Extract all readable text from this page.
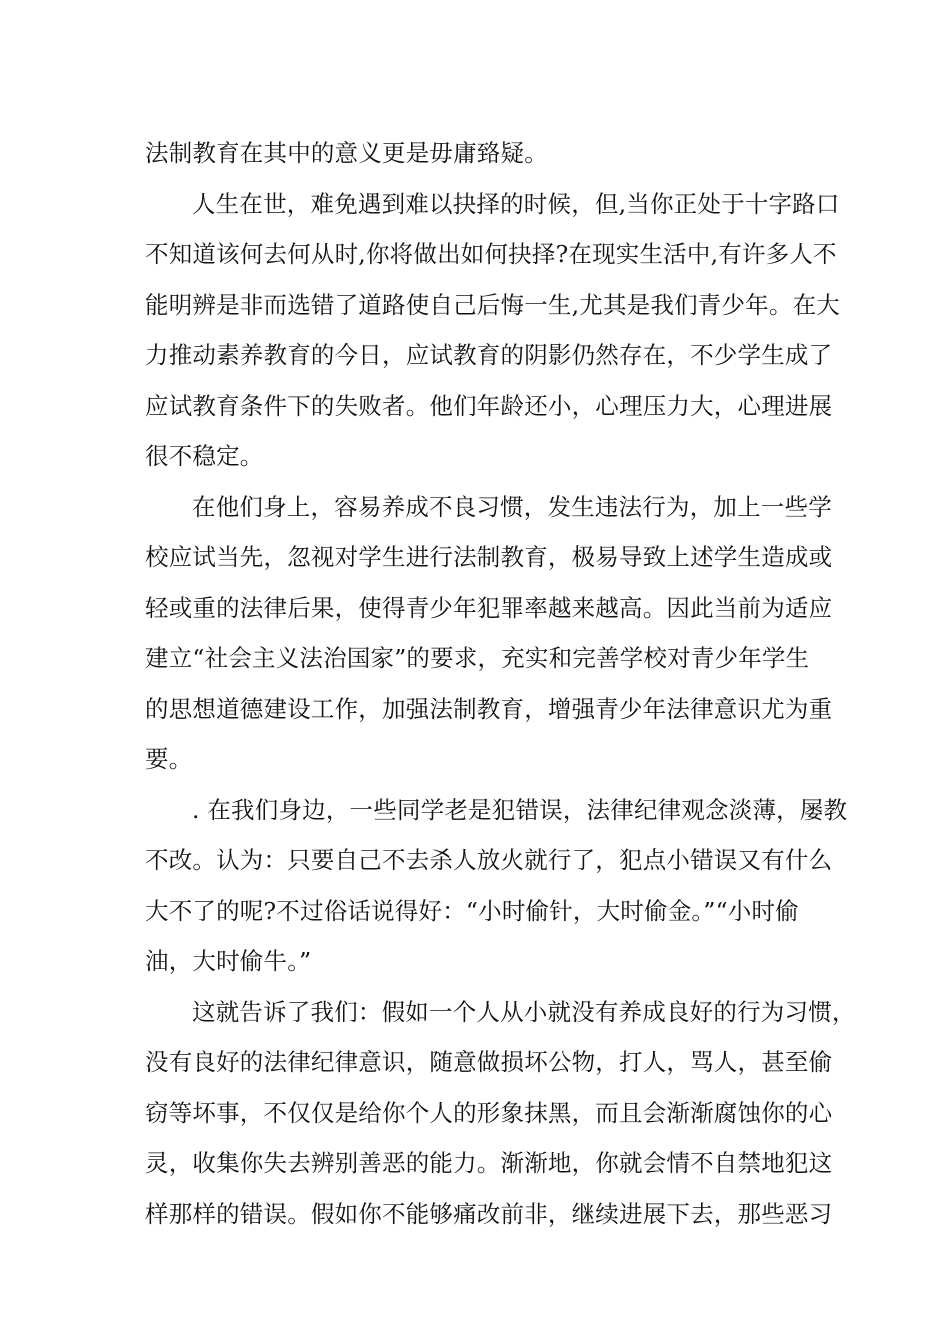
法制教育在其中的意义更是毋庸臵疑。
人生在世，难免遇到难以抉择的时候，但,当你正处于十字路口
不知道该何去何从时,你将做出如何抉择?在现实生活中,有许多人不
能明辨是非而选错了道路使自己后悔一生,尤其是我们青少年。在大
力推动素养教育的今日，应试教育的阴影仍然存在，不少学生成了
应试教育条件下的失败者。他们年龄还小，心理压力大，心理进展
很不稳定。
在他们身上，容易养成不良习惯，发生违法行为，加上一些学
校应试当先，忽视对学生进行法制教育，极易导致上述学生造成或
轻或重的法律后果，使得青少年犯罪率越来越高。因此当前为适应
建立“社会主义法治国家”的要求，充实和完善学校对青少年学生
的思想道德建设工作，加强法制教育，增强青少年法律意识尤为重
要。
. 在我们身边，一些同学老是犯错误，法律纪律观念淡薄，屡教
不改。认为：只要自己不去杀人放火就行了，犯点小错误又有什么
大不了的呢?不过俗话说得好：“小时偷针，大时偷金。”“小时偷
油，大时偷牛。”
这就告诉了我们：假如一个人从小就没有养成良好的行为习惯，
没有良好的法律纪律意识，随意做损坏公物，打人，骂人，甚至偷
窃等坏事，不仅仅是给你个人的形象抹黑，而且会渐渐腐蚀你的心
灵，收集你失去辨别善恶的能力。渐渐地，你就会情不自禁地犯这
样那样的错误。假如你不能够痛改前非，继续进展下去，那些恶习
